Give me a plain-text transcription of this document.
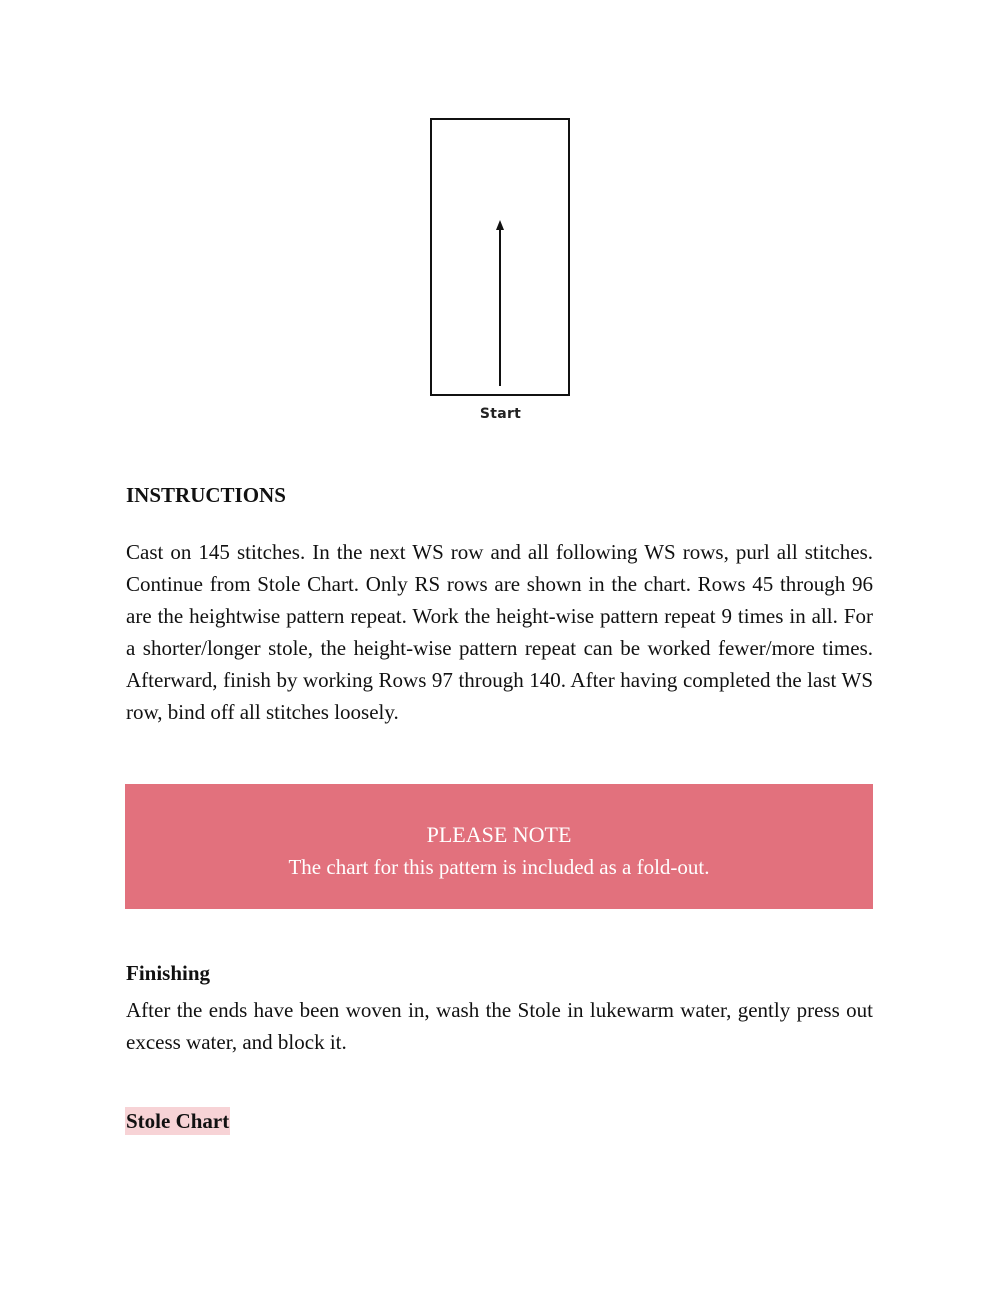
Start
INSTRUCTIONS

Cast on 145 stitches. In the next WS row and all following WS rows, purl all stitches. Continue from Stole Chart. Only RS rows are shown in the chart. Rows 45 through 96 are the heightwise pattern repeat. Work the height-wise pattern repeat 9 times in all. For a shorter/longer stole, the height-wise pattern repeat can be worked fewer/more times. Afterward, finish by working Rows 97 through 140. After having completed the last WS row, bind off all stitches loosely.

PLEASE NOTE

The chart for this pattern is included as a fold-out.

Finishing

After the ends have been woven in, wash the Stole in lukewarm water, gently press out excess water, and block it.

Stole Chart
